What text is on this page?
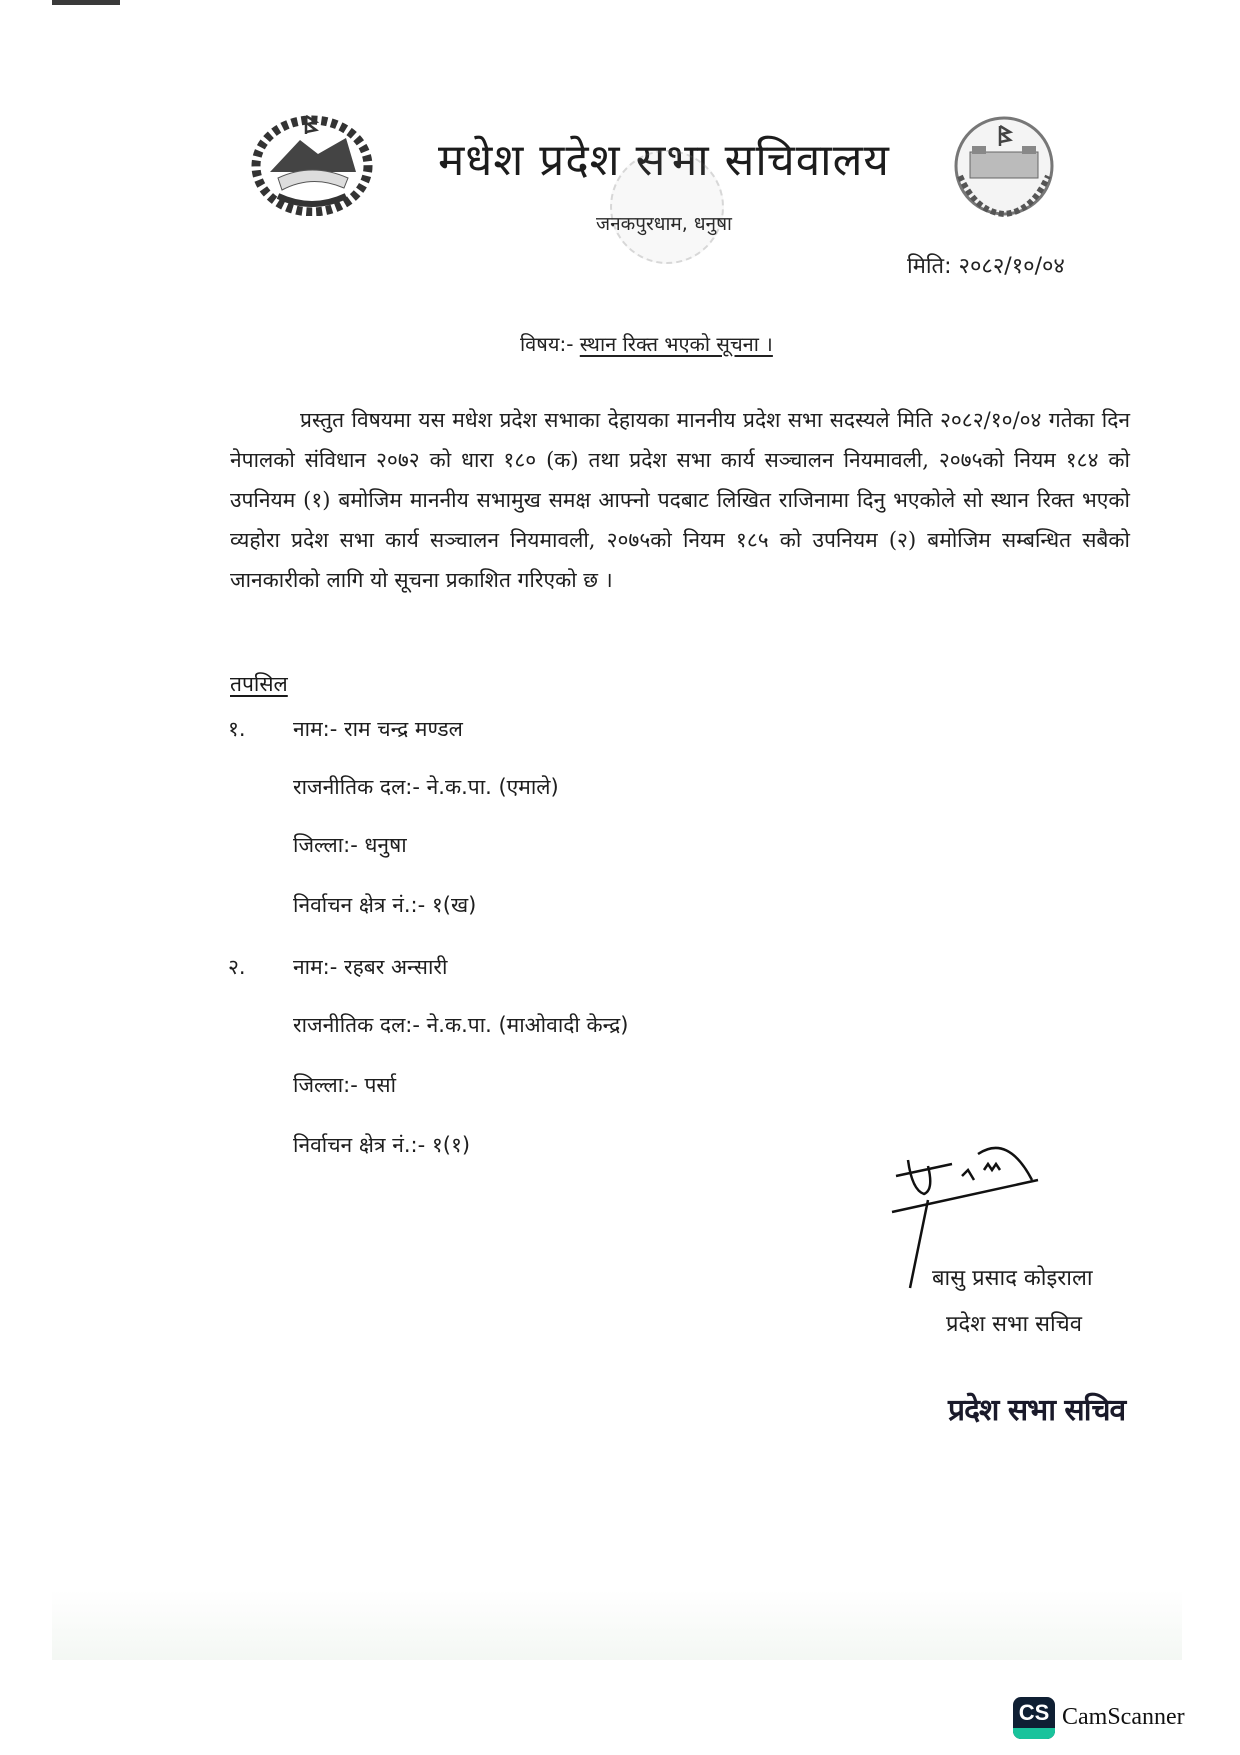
मधेश प्रदेश सभा सचिवालय
जनकपुरधाम, धनुषा
मिति: २०८२/१०/०४
विषय:- स्थान रिक्त भएको सूचना ।
प्रस्तुत विषयमा यस मधेश प्रदेश सभाका देहायका माननीय प्रदेश सभा सदस्यले मिति २०८२/१०/०४ गतेका दिन नेपालको संविधान २०७२ को धारा १८० (क) तथा प्रदेश सभा कार्य सञ्चालन नियमावली, २०७५को नियम १८४ को उपनियम (१) बमोजिम माननीय सभामुख समक्ष आफ्नो पदबाट लिखित राजिनामा दिनु भएकोले सो स्थान रिक्त भएको व्यहोरा प्रदेश सभा कार्य सञ्चालन नियमावली, २०७५को नियम १८५ को उपनियम (२) बमोजिम सम्बन्धित सबैको जानकारीको लागि यो सूचना प्रकाशित गरिएको छ ।
तपसिल
१. नाम:- राम चन्द्र मण्डल
राजनीतिक दल:- ने.क.पा. (एमाले)
जिल्ला:- धनुषा
निर्वाचन क्षेत्र नं.:- १(ख)
२. नाम:- रहबर अन्सारी
राजनीतिक दल:- ने.क.पा. (माओवादी केन्द्र)
जिल्ला:- पर्सा
निर्वाचन क्षेत्र नं.:- १(१)
बासु प्रसाद कोइराला
प्रदेश सभा सचिव
प्रदेश सभा सचिव
CS CamScanner
